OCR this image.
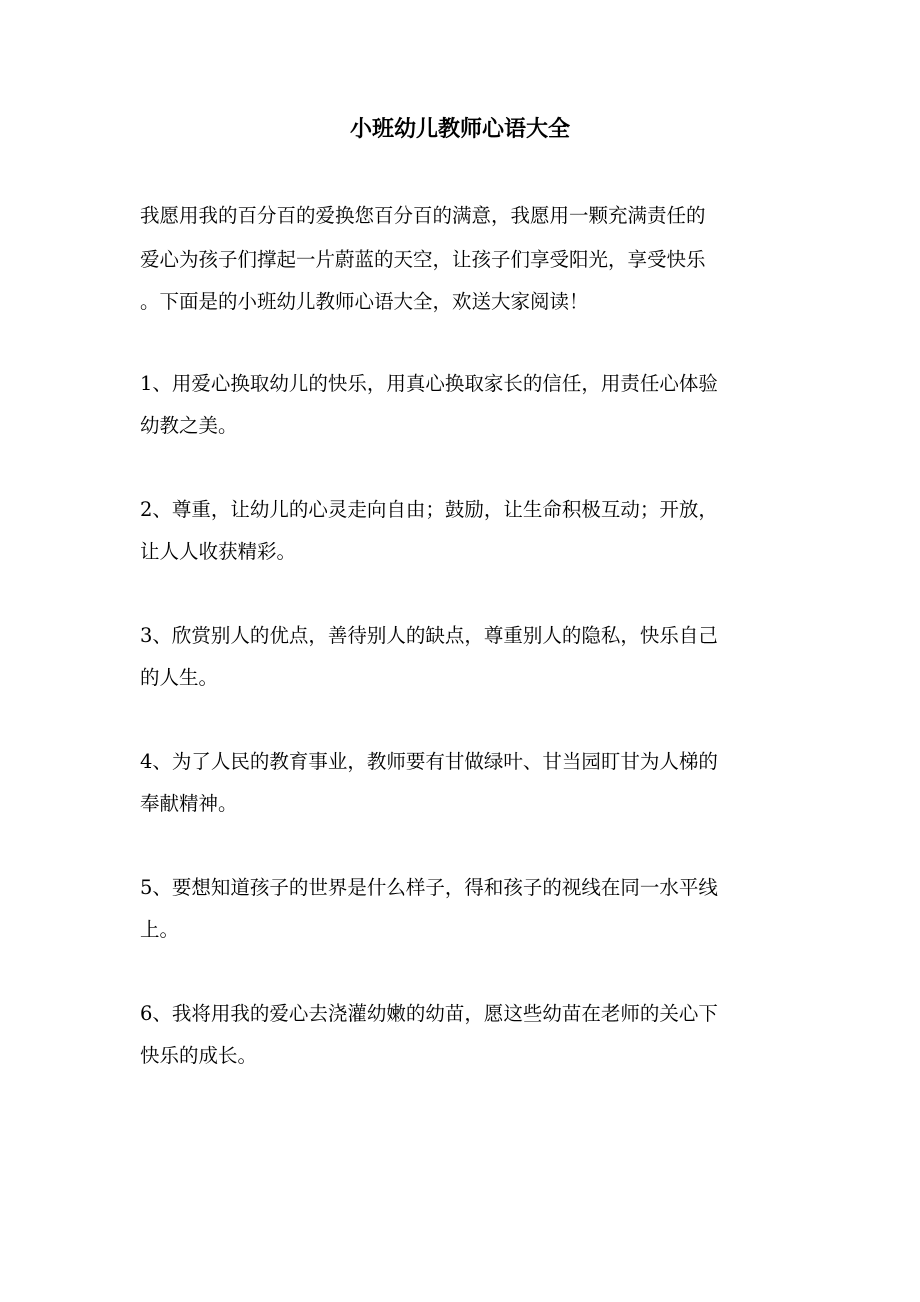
小班幼儿教师心语大全

我愿用我的百分百的爱换您百分百的满意，我愿用一颗充满责任的

爱心为孩子们撑起一片蔚蓝的天空，让孩子们享受阳光，享受快乐

。下面是的小班幼儿教师心语大全，欢送大家阅读！

1、用爱心换取幼儿的快乐，用真心换取家长的信任，用责任心体验

幼教之美。

2、尊重，让幼儿的心灵走向自由；鼓励，让生命积极互动；开放，

让人人收获精彩。

3、欣赏别人的优点，善待别人的缺点，尊重别人的隐私，快乐自己

的人生。

4、为了人民的教育事业，教师要有甘做绿叶、甘当园盯甘为人梯的

奉献精神。

5、要想知道孩子的世界是什么样子，得和孩子的视线在同一水平线

上。

6、我将用我的爱心去浇灌幼嫩的幼苗，愿这些幼苗在老师的关心下

快乐的成长。
